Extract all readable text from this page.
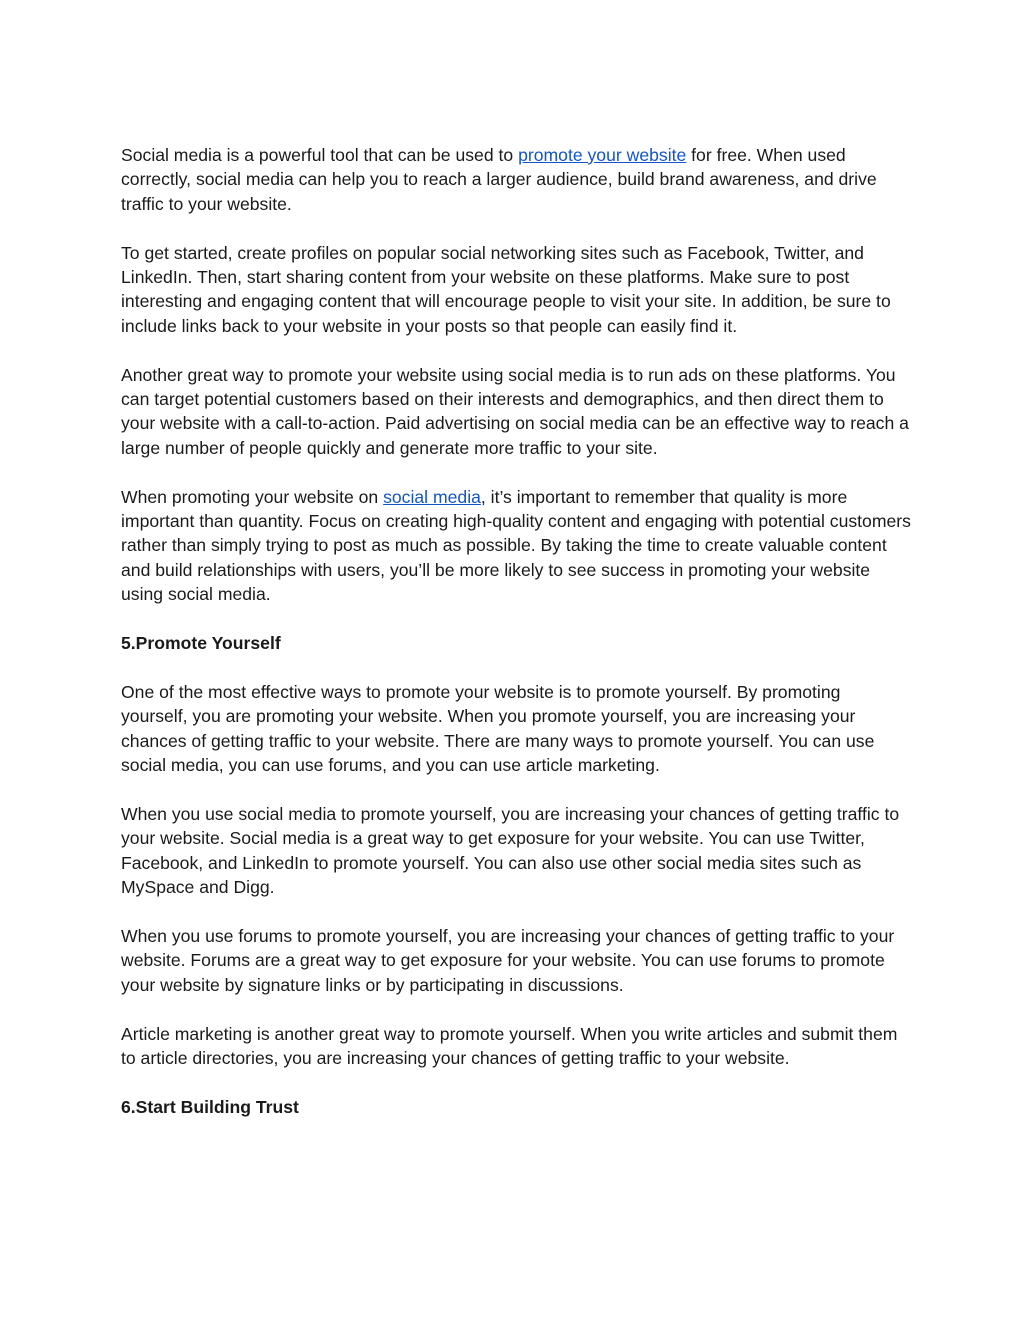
Social media is a powerful tool that can be used to promote your website for free. When used correctly, social media can help you to reach a larger audience, build brand awareness, and drive traffic to your website.

To get started, create profiles on popular social networking sites such as Facebook, Twitter, and LinkedIn. Then, start sharing content from your website on these platforms. Make sure to post interesting and engaging content that will encourage people to visit your site. In addition, be sure to include links back to your website in your posts so that people can easily find it.

Another great way to promote your website using social media is to run ads on these platforms. You can target potential customers based on their interests and demographics, and then direct them to your website with a call-to-action. Paid advertising on social media can be an effective way to reach a large number of people quickly and generate more traffic to your site.

When promoting your website on social media, it’s important to remember that quality is more important than quantity. Focus on creating high-quality content and engaging with potential customers rather than simply trying to post as much as possible. By taking the time to create valuable content and build relationships with users, you’ll be more likely to see success in promoting your website using social media.

5.Promote Yourself

One of the most effective ways to promote your website is to promote yourself. By promoting yourself, you are promoting your website. When you promote yourself, you are increasing your chances of getting traffic to your website. There are many ways to promote yourself. You can use social media, you can use forums, and you can use article marketing.

When you use social media to promote yourself, you are increasing your chances of getting traffic to your website. Social media is a great way to get exposure for your website. You can use Twitter, Facebook, and LinkedIn to promote yourself. You can also use other social media sites such as MySpace and Digg.

When you use forums to promote yourself, you are increasing your chances of getting traffic to your website. Forums are a great way to get exposure for your website. You can use forums to promote your website by signature links or by participating in discussions.

Article marketing is another great way to promote yourself. When you write articles and submit them to article directories, you are increasing your chances of getting traffic to your website.

6.Start Building Trust
